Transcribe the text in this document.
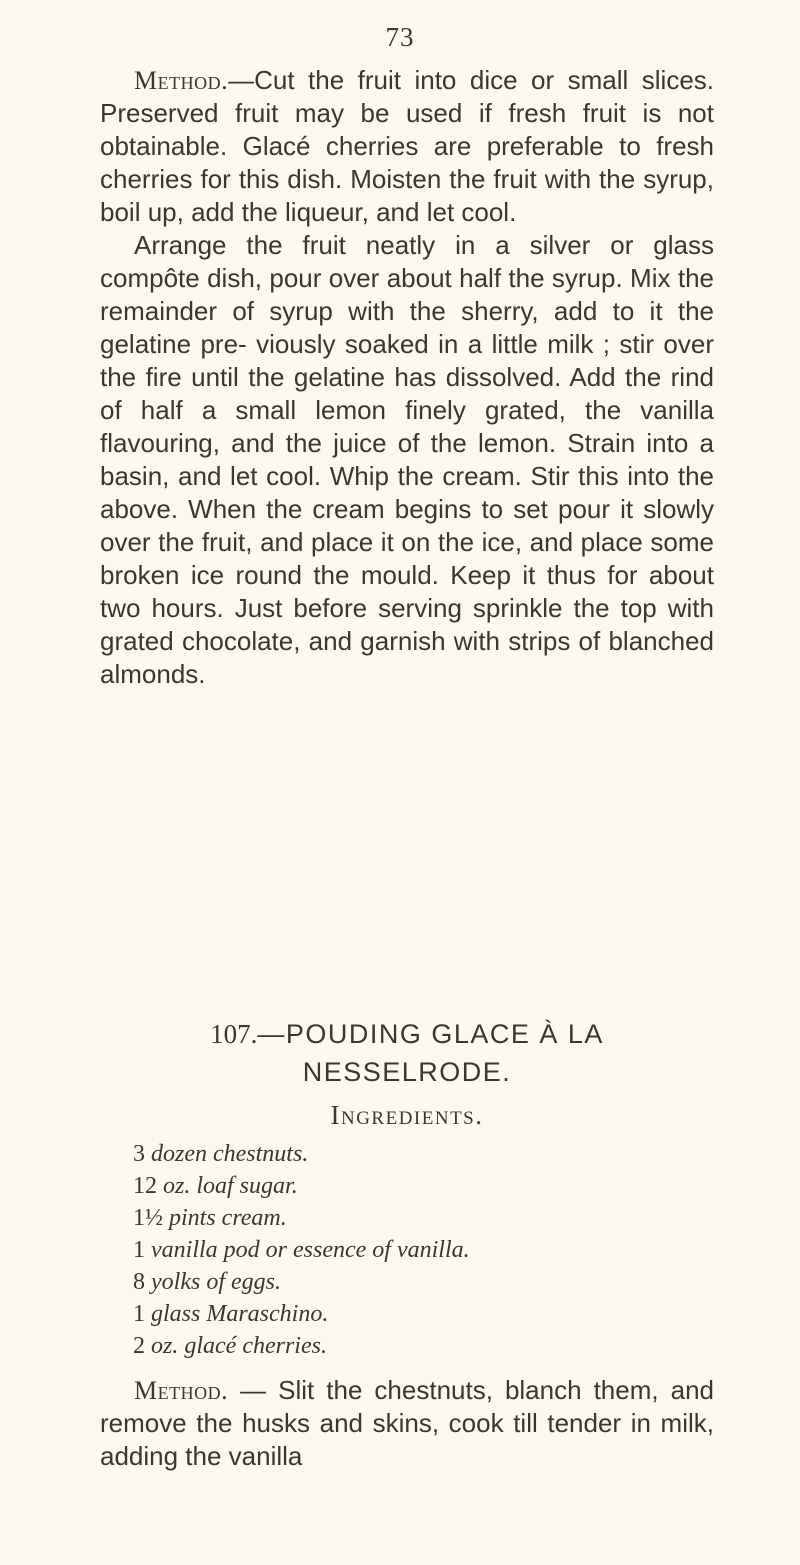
73

Method.—Cut the fruit into dice or small slices. Preserved fruit may be used if fresh fruit is not obtainable. Glacé cherries are preferable to fresh cherries for this dish. Moisten the fruit with the syrup, boil up, add the liqueur, and let cool.

Arrange the fruit neatly in a silver or glass compôte dish, pour over about half the syrup. Mix the remainder of syrup with the sherry, add to it the gelatine pre- viously soaked in a little milk ; stir over the fire until the gelatine has dissolved. Add the rind of half a small lemon finely grated, the vanilla flavouring, and the juice of the lemon. Strain into a basin, and let cool. Whip the cream. Stir this into the above. When the cream begins to set pour it slowly over the fruit, and place it on the ice, and place some broken ice round the mould. Keep it thus for about two hours. Just before serving sprinkle the top with grated chocolate, and garnish with strips of blanched almonds.

107.—POUDING GLACE À LA
NESSELRODE.
Ingredients.
3 dozen chestnuts.
12 oz. loaf sugar.
1½ pints cream.
1 vanilla pod or essence of vanilla.
8 yolks of eggs.
1 glass Maraschino.
2 oz. glacé cherries.

Method. — Slit the chestnuts, blanch them, and remove the husks and skins, cook till tender in milk, adding the vanilla
